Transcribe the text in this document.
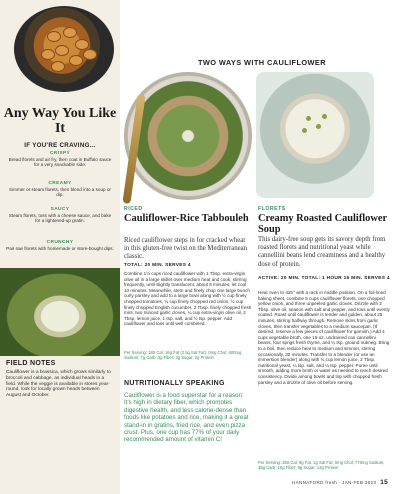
Any Way You Like It
IF YOU'RE CRAVING...
CRISPY
Bread florets and air fry, then coat in Buffalo sauce for a very snackable side.
CREAMY
Simmer or steam florets, then blend into a soup or dip.
SAUCY
Steam florets, toss with a cheese sauce, and bake for a lightened-up gratin.
CRUNCHY
Pair raw florets with homemade or store-bought dips.
FIELD NOTES
Cauliflower is a brassica, which grows similarly to broccoli and cabbage, as individual heads in a field. While the veggie is available in stores year-round, look for locally grown heads between August and October.
TWO WAYS WITH CAULIFLOWER
RICED
Cauliflower-Rice Tabbouleh
Riced cauliflower steps in for cracked wheat in this gluten-free twist on the Mediterranean classic.
TOTAL: 20 MIN. SERVES 4
Combine 1½ cups riced cauliflower with 1 Tbsp. extra-virgin olive oil in a large skillet over medium heat and cook, stirring frequently, until slightly translucent, about 5 minutes; let cool 10 minutes. Meanwhile, stem and finely chop one large bunch curly parsley and add to a large bowl along with ½ cup finely chopped tomatoes, ¼ cup finely chopped red onion, ½ cup finely chopped English cucumber, 2 Tbsp. finely chopped fresh mint, two minced garlic cloves, ¼ cup extra-virgin olive oil, 2 Tbsp. lemon juice, 1 tsp. salt, and ½ tsp. pepper. Add cauliflower and toss until well combined.
Per Serving: 180 Cal; 16g Fat (2.5g Sat Fat); 0mg Chol; 600mg Sodium; 7g Carb; 3g Fiber; 3g Sugar; 2g Protein
NUTRITIONALLY SPEAKING
Cauliflower is a food superstar for a reason: It's high in dietary fiber, which promotes digestive health, and less calorie-dense than foods like potatoes and rice, making it a great stand-in in gratins, fried rice, and even pizza crust. Plus, one cup has 77% of your daily recommended amount of vitamin C!
FLORETS
Creamy Roasted Cauliflower Soup
This dairy-free soup gets its savory depth from roasted florets and nutritional yeast while cannellini beans lend creaminess and a healthy dose of protein.
ACTIVE: 20 MIN. TOTAL: 1 HOUR 15 MIN. SERVES 4
Heat oven to 425° with a rack in middle position. On a foil-lined baking sheet, combine 5 cups cauliflower florets, one chopped yellow onion, and three unpeeled garlic cloves. Drizzle with 2 Tbsp. olive oil, season with salt and pepper, and toss until evenly coated. Roast until cauliflower is tender and golden, about 25 minutes, stirring halfway through. Remove skins from garlic cloves, then transfer vegetables to a medium saucepan. (If desired, reserve a few pieces of cauliflower for garnish.) Add 4 cups vegetable broth, one 15-oz. undrained can cannellini beans, four sprigs fresh thyme, and ¼ tsp. ground nutmeg. Bring to a boil, then reduce heat to medium and simmer, stirring occasionally, 30 minutes. Transfer to a blender (or use an immersion blender) along with ¼ cup lemon juice, 2 Tbsp. nutritional yeast, ¼ tsp. salt, and ¼ tsp. pepper. Puree until smooth, adding more broth or water as needed to reach desired consistency. Divide among bowls and top with chopped fresh parsley and a drizzle of olive oil before serving.
Per Serving: 250 Cal; 9g Fat; 1g Sat Fat; 0mg Chol; 770mg Sodium; 35g Carb; 10g Fiber; 9g Sugar; 12g Protein
HANNAFORD fresh · JAN-FEB 2023 15
